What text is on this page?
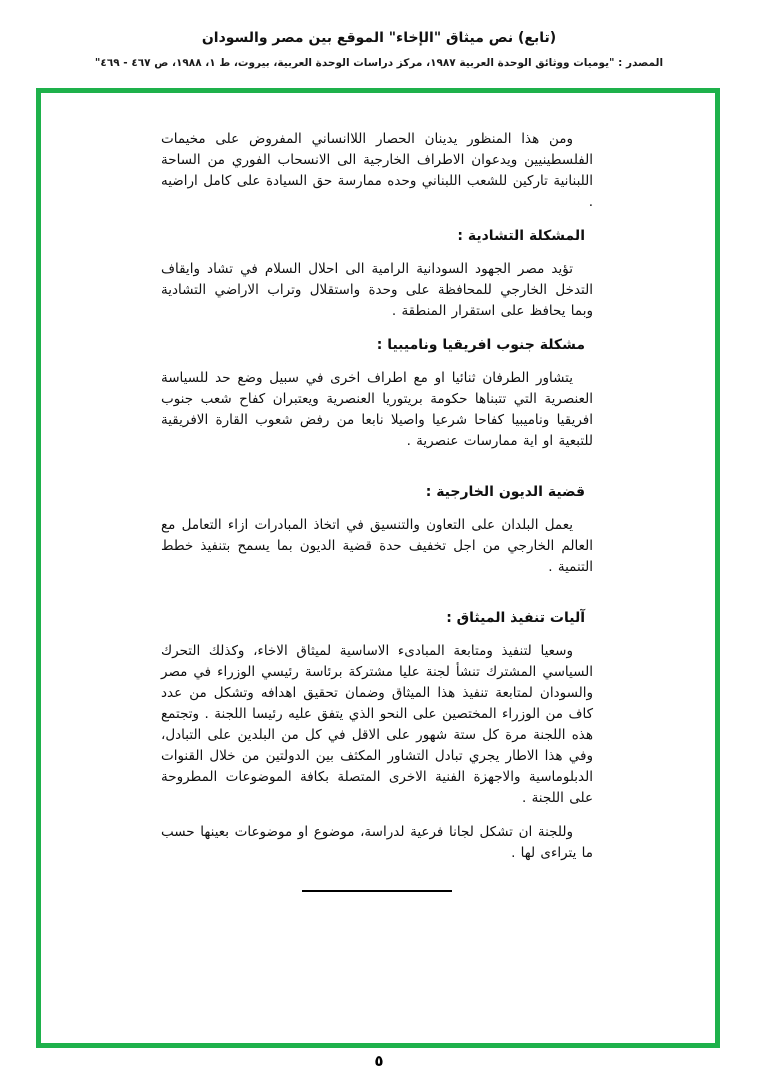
(تابع) نص ميثاق "الإخاء" الموقع بين مصر والسودان
المصدر : "يوميات ووثائق الوحدة العربية ١٩٨٧، مركز دراسات الوحدة العربية، بيروت، ط ١، ١٩٨٨، ص ٤٦٧ - ٤٦٩"

ومن هذا المنظور يدينان الحصار اللاانساني المفروض على مخيمات الفلسطينيين ويدعوان الاطراف الخارجية الى الانسحاب الفوري من الساحة اللبنانية تاركين للشعب اللبناني وحده ممارسة حق السيادة على كامل اراضيه .

المشكلة التشادية :

تؤيد مصر الجهود السودانية الرامية الى احلال السلام في تشاد وايقاف التدخل الخارجي للمحافظة على وحدة واستقلال وتراب الاراضي التشادية وبما يحافظ على استقرار المنطقة .

مشكلة جنوب افريقيا وناميبيا :

يتشاور الطرفان ثنائيا او مع اطراف اخرى في سبيل وضع حد للسياسة العنصرية التي تتبناها حكومة بريتوريا العنصرية ويعتبران كفاح شعب جنوب افريقيا وناميبيا كفاحا شرعيا واصيلا نابعا من رفض شعوب القارة الافريقية للتبعية او اية ممارسات عنصرية .

قضية الديون الخارجية :

يعمل البلدان على التعاون والتنسيق في اتخاذ المبادرات ازاء التعامل مع العالم الخارجي من اجل تخفيف حدة قضية الديون بما يسمح بتنفيذ خطط التنمية .

آليات تنفيذ الميثاق :

وسعيا لتنفيذ ومتابعة المبادىء الاساسية لميثاق الاخاء، وكذلك التحرك السياسي المشترك تنشأ لجنة عليا مشتركة برئاسة رئيسي الوزراء في مصر والسودان لمتابعة تنفيذ هذا الميثاق وضمان تحقيق اهدافه وتشكل من عدد كاف من الوزراء المختصين على النحو الذي يتفق عليه رئيسا اللجنة . وتجتمع هذه اللجنة مرة كل ستة شهور على الاقل في كل من البلدين على التبادل، وفي هذا الاطار يجري تبادل التشاور المكثف بين الدولتين من خلال القنوات الدبلوماسية والاجهزة الفنية الاخرى المتصلة بكافة الموضوعات المطروحة على اللجنة .

وللجنة ان تشكل لجانا فرعية لدراسة، موضوع او موضوعات بعينها حسب ما يتراءى لها .

٥
